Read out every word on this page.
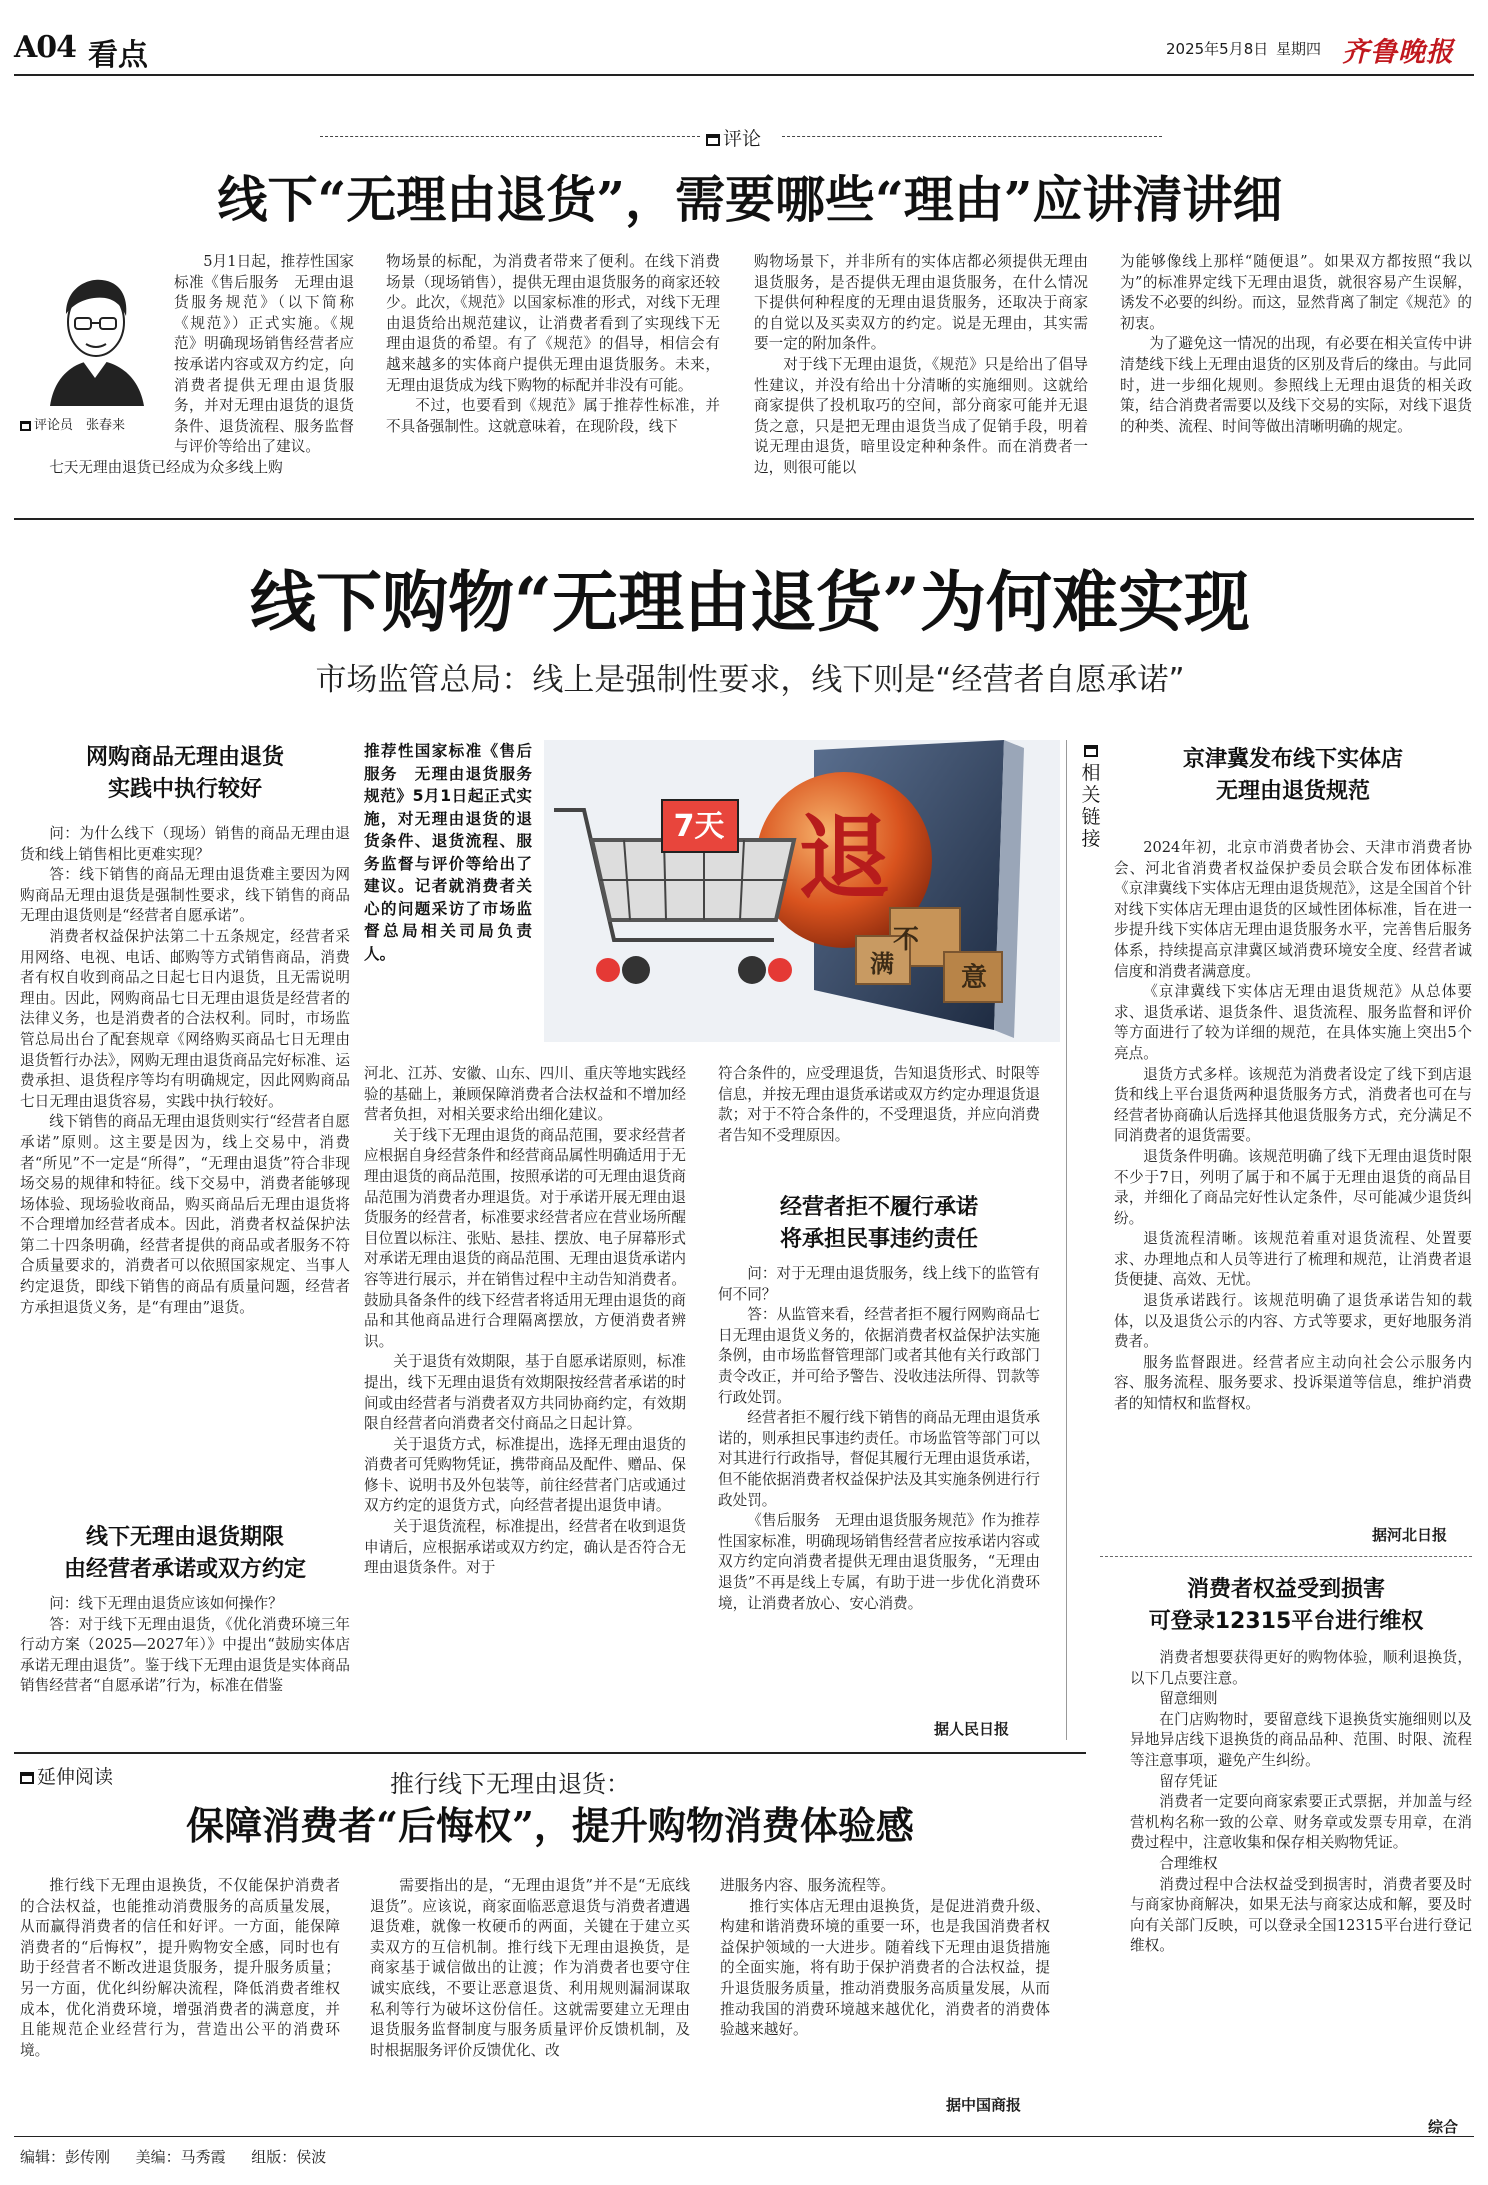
A04 看点	2025年5月8日 星期四 齐鲁晚报
评论
线下“无理由退货”，需要哪些“理由”应讲清讲细
评论员　张春来

5月1日起，推荐性国家标准《售后服务　无理由退货服务规范》（以下简称《规范》）正式实施。《规范》明确现场销售经营者应按承诺内容或双方约定，向消费者提供无理由退货服务，并对无理由退货的退货条件、退货流程、服务监督与评价等给出了建议。

七天无理由退货已经成为众多线上购

物场景的标配，为消费者带来了便利。在线下消费场景（现场销售），提供无理由退货服务的商家还较少。此次，《规范》以国家标准的形式，对线下无理由退货给出规范建议，让消费者看到了实现线下无理由退货的希望。有了《规范》的倡导，相信会有越来越多的实体商户提供无理由退货服务。未来，无理由退货成为线下购物的标配并非没有可能。

不过，也要看到《规范》属于推荐性标准，并不具备强制性。这就意味着，在现阶段，线下

购物场景下，并非所有的实体店都必须提供无理由退货服务，是否提供无理由退货服务，在什么情况下提供何种程度的无理由退货服务，还取决于商家的自觉以及买卖双方的约定。说是无理由，其实需要一定的附加条件。

对于线下无理由退货，《规范》只是给出了倡导性建议，并没有给出十分清晰的实施细则。这就给商家提供了投机取巧的空间，部分商家可能并无退货之意，只是把无理由退货当成了促销手段，明着说无理由退货，暗里设定种种条件。而在消费者一边，则很可能以

为能够像线上那样“随便退”。如果双方都按照“我以为”的标准界定线下无理由退货，就很容易产生误解，诱发不必要的纠纷。而这，显然背离了制定《规范》的初衷。

为了避免这一情况的出现，有必要在相关宣传中讲清楚线下线上无理由退货的区别及背后的缘由。与此同时，进一步细化规则。参照线上无理由退货的相关政策，结合消费者需要以及线下交易的实际，对线下退货的种类、流程、时间等做出清晰明确的规定。

线下购物“无理由退货”为何难实现
市场监管总局：线上是强制性要求，线下则是“经营者自愿承诺”
推荐性国家标准《售后服务　无理由退货服务规范》5月1日起正式实施，对无理由退货的退货条件、退货流程、服务监督与评价等给出了建议。记者就消费者关心的问题采访了市场监督总局相关司局负责人。
7天 退
不
满	意
网购商品无理由退货
实践中执行较好

问：为什么线下（现场）销售的商品无理由退货和线上销售相比更难实现？

答：线下销售的商品无理由退货难主要因为网购商品无理由退货是强制性要求，线下销售的商品无理由退货则是“经营者自愿承诺”。

消费者权益保护法第二十五条规定，经营者采用网络、电视、电话、邮购等方式销售商品，消费者有权自收到商品之日起七日内退货，且无需说明理由。因此，网购商品七日无理由退货是经营者的法律义务，也是消费者的合法权利。同时，市场监管总局出台了配套规章《网络购买商品七日无理由退货暂行办法》，网购无理由退货商品完好标准、运费承担、退货程序等均有明确规定，因此网购商品七日无理由退货容易，实践中执行较好。

线下销售的商品无理由退货则实行“经营者自愿承诺”原则。这主要是因为，线上交易中，消费者“所见”不一定是“所得”，“无理由退货”符合非现场交易的规律和特征。线下交易中，消费者能够现场体验、现场验收商品，购买商品后无理由退货将不合理增加经营者成本。因此，消费者权益保护法第二十四条明确，经营者提供的商品或者服务不符合质量要求的，消费者可以依照国家规定、当事人约定退货，即线下销售的商品有质量问题，经营者方承担退货义务，是“有理由”退货。

线下无理由退货期限
由经营者承诺或双方约定

问：线下无理由退货应该如何操作？

答：对于线下无理由退货，《优化消费环境三年行动方案（2025—2027年）》中提出“鼓励实体店承诺无理由退货”。鉴于线下无理由退货是实体商品销售经营者“自愿承诺”行为，标准在借鉴

河北、江苏、安徽、山东、四川、重庆等地实践经验的基础上，兼顾保障消费者合法权益和不增加经营者负担，对相关要求给出细化建议。

关于线下无理由退货的商品范围，要求经营者应根据自身经营条件和经营商品属性明确适用于无理由退货的商品范围，按照承诺的可无理由退货商品范围为消费者办理退货。对于承诺开展无理由退货服务的经营者，标准要求经营者应在营业场所醒目位置以标注、张贴、悬挂、摆放、电子屏幕形式对承诺无理由退货的商品范围、无理由退货承诺内容等进行展示，并在销售过程中主动告知消费者。鼓励具备条件的线下经营者将适用无理由退货的商品和其他商品进行合理隔离摆放，方便消费者辨识。

关于退货有效期限，基于自愿承诺原则，标准提出，线下无理由退货有效期限按经营者承诺的时间或由经营者与消费者双方共同协商约定，有效期限自经营者向消费者交付商品之日起计算。

关于退货方式，标准提出，选择无理由退货的消费者可凭购物凭证，携带商品及配件、赠品、保修卡、说明书及外包装等，前往经营者门店或通过双方约定的退货方式，向经营者提出退货申请。

关于退货流程，标准提出，经营者在收到退货申请后，应根据承诺或双方约定，确认是否符合无理由退货条件。对于

符合条件的，应受理退货，告知退货形式、时限等信息，并按无理由退货承诺或双方约定办理退货退款；对于不符合条件的，不受理退货，并应向消费者告知不受理原因。

经营者拒不履行承诺
将承担民事违约责任

问：对于无理由退货服务，线上线下的监管有何不同？

答：从监管来看，经营者拒不履行网购商品七日无理由退货义务的，依据消费者权益保护法实施条例，由市场监督管理部门或者其他有关行政部门责令改正，并可给予警告、没收违法所得、罚款等行政处罚。

经营者拒不履行线下销售的商品无理由退货承诺的，则承担民事违约责任。市场监管等部门可以对其进行行政指导，督促其履行无理由退货承诺，但不能依据消费者权益保护法及其实施条例进行行政处罚。

《售后服务　无理由退货服务规范》作为推荐性国家标准，明确现场销售经营者应按承诺内容或双方约定向消费者提供无理由退货服务，“无理由退货”不再是线上专属，有助于进一步优化消费环境，让消费者放心、安心消费。

据人民日报
相关链接
京津冀发布线下实体店
无理由退货规范

2024年初，北京市消费者协会、天津市消费者协会、河北省消费者权益保护委员会联合发布团体标准《京津冀线下实体店无理由退货规范》，这是全国首个针对线下实体店无理由退货的区域性团体标准，旨在进一步提升线下实体店无理由退货服务水平，完善售后服务体系，持续提高京津冀区域消费环境安全度、经营者诚信度和消费者满意度。

《京津冀线下实体店无理由退货规范》从总体要求、退货承诺、退货条件、退货流程、服务监督和评价等方面进行了较为详细的规范，在具体实施上突出5个亮点。

退货方式多样。该规范为消费者设定了线下到店退货和线上平台退货两种退货服务方式，消费者也可在与经营者协商确认后选择其他退货服务方式，充分满足不同消费者的退货需要。

退货条件明确。该规范明确了线下无理由退货时限不少于7日，列明了属于和不属于无理由退货的商品目录，并细化了商品完好性认定条件，尽可能减少退货纠纷。

退货流程清晰。该规范着重对退货流程、处置要求、办理地点和人员等进行了梳理和规范，让消费者退货便捷、高效、无忧。

退货承诺践行。该规范明确了退货承诺告知的载体，以及退货公示的内容、方式等要求，更好地服务消费者。

服务监督跟进。经营者应主动向社会公示服务内容、服务流程、服务要求、投诉渠道等信息，维护消费者的知情权和监督权。

据河北日报
消费者权益受到损害
可登录12315平台进行维权

消费者想要获得更好的购物体验，顺利退换货，以下几点要注意。

留意细则

在门店购物时，要留意线下退换货实施细则以及异地异店线下退换货的商品品种、范围、时限、流程等注意事项，避免产生纠纷。

留存凭证

消费者一定要向商家索要正式票据，并加盖与经营机构名称一致的公章、财务章或发票专用章，在消费过程中，注意收集和保存相关购物凭证。

合理维权

消费过程中合法权益受到损害时，消费者要及时与商家协商解决，如果无法与商家达成和解，要及时向有关部门反映，可以登录全国12315平台进行登记维权。

综合
延伸阅读	推行线下无理由退货：
保障消费者“后悔权”，提升购物消费体验感

推行线下无理由退换货，不仅能保护消费者的合法权益，也能推动消费服务的高质量发展，从而赢得消费者的信任和好评。一方面，能保障消费者的“后悔权”，提升购物安全感，同时也有助于经营者不断改进退货服务，提升服务质量；另一方面，优化纠纷解决流程，降低消费者维权成本，优化消费环境，增强消费者的满意度，并且能规范企业经营行为，营造出公平的消费环境。

需要指出的是，“无理由退货”并不是“无底线退货”。应该说，商家面临恶意退货与消费者遭遇退货难，就像一枚硬币的两面，关键在于建立买卖双方的互信机制。推行线下无理由退换货，是商家基于诚信做出的让渡；作为消费者也要守住诚实底线，不要让恶意退货、利用规则漏洞谋取私利等行为破坏这份信任。这就需要建立无理由退货服务监督制度与服务质量评价反馈机制，及时根据服务评价反馈优化、改

进服务内容、服务流程等。

推行实体店无理由退换货，是促进消费升级、构建和谐消费环境的重要一环，也是我国消费者权益保护领域的一大进步。随着线下无理由退货措施的全面实施，将有助于保护消费者的合法权益，提升退货服务质量，推动消费服务高质量发展，从而推动我国的消费环境越来越优化，消费者的消费体验越来越好。

据中国商报
编辑：彭传刚 美编：马秀霞 组版：侯波
